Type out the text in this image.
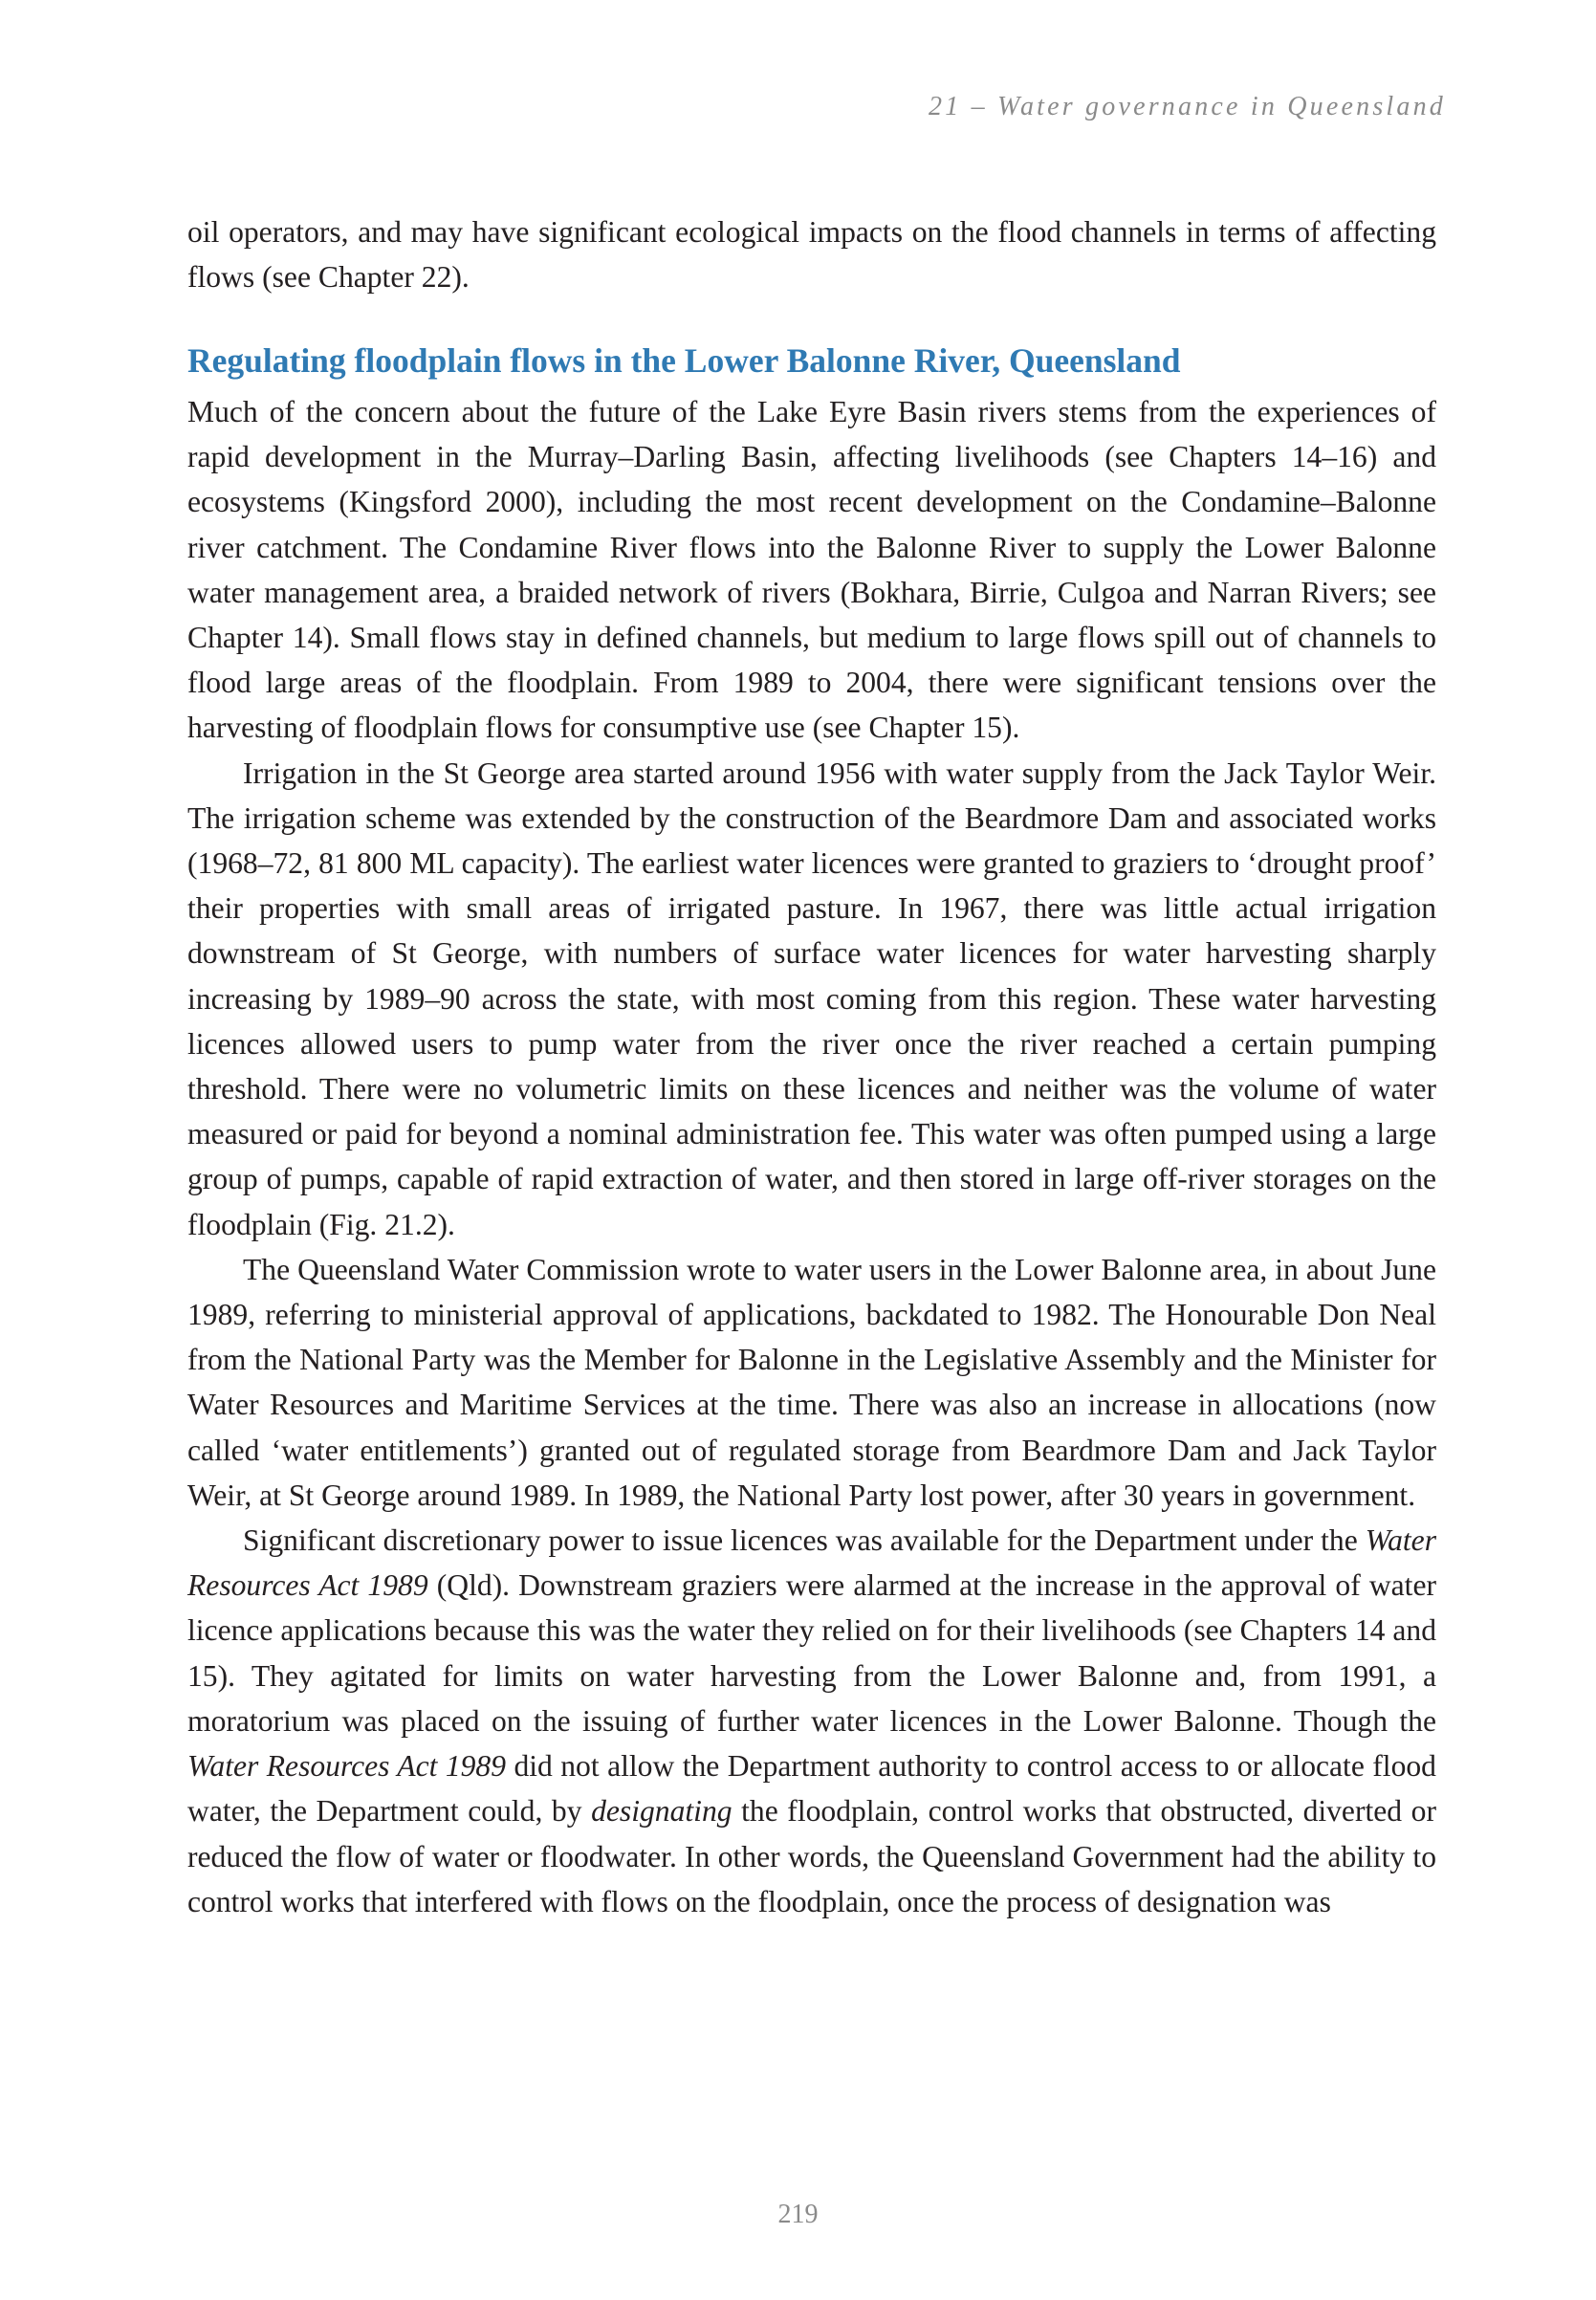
21 – Water governance in Queensland

oil operators, and may have significant ecological impacts on the flood channels in terms of affecting flows (see Chapter 22).

Regulating floodplain flows in the Lower Balonne River, Queensland

Much of the concern about the future of the Lake Eyre Basin rivers stems from the experiences of rapid development in the Murray–Darling Basin, affecting livelihoods (see Chapters 14–16) and ecosystems (Kingsford 2000), including the most recent development on the Condamine–Balonne river catchment. The Condamine River flows into the Balonne River to supply the Lower Balonne water management area, a braided network of rivers (Bokhara, Birrie, Culgoa and Narran Rivers; see Chapter 14). Small flows stay in defined channels, but medium to large flows spill out of channels to flood large areas of the floodplain. From 1989 to 2004, there were significant tensions over the harvesting of floodplain flows for consumptive use (see Chapter 15).

Irrigation in the St George area started around 1956 with water supply from the Jack Taylor Weir. The irrigation scheme was extended by the construction of the Beardmore Dam and associated works (1968–72, 81 800 ML capacity). The earliest water licences were granted to graziers to ‘drought proof’ their properties with small areas of irrigated pasture. In 1967, there was little actual irrigation downstream of St George, with numbers of surface water licences for water harvesting sharply increasing by 1989–90 across the state, with most coming from this region. These water harvesting licences allowed users to pump water from the river once the river reached a certain pumping threshold. There were no volumetric limits on these licences and neither was the volume of water measured or paid for beyond a nominal administration fee. This water was often pumped using a large group of pumps, capable of rapid extraction of water, and then stored in large off-river storages on the floodplain (Fig. 21.2).

The Queensland Water Commission wrote to water users in the Lower Balonne area, in about June 1989, referring to ministerial approval of applications, backdated to 1982. The Honourable Don Neal from the National Party was the Member for Balonne in the Legislative Assembly and the Minister for Water Resources and Maritime Services at the time. There was also an increase in allocations (now called ‘water entitlements’) granted out of regulated storage from Beardmore Dam and Jack Taylor Weir, at St George around 1989. In 1989, the National Party lost power, after 30 years in government.

Significant discretionary power to issue licences was available for the Department under the Water Resources Act 1989 (Qld). Downstream graziers were alarmed at the increase in the approval of water licence applications because this was the water they relied on for their livelihoods (see Chapters 14 and 15). They agitated for limits on water harvesting from the Lower Balonne and, from 1991, a moratorium was placed on the issuing of further water licences in the Lower Balonne. Though the Water Resources Act 1989 did not allow the Department authority to control access to or allocate flood water, the Department could, by designating the floodplain, control works that obstructed, diverted or reduced the flow of water or floodwater. In other words, the Queensland Government had the ability to control works that interfered with flows on the floodplain, once the process of designation was

219
